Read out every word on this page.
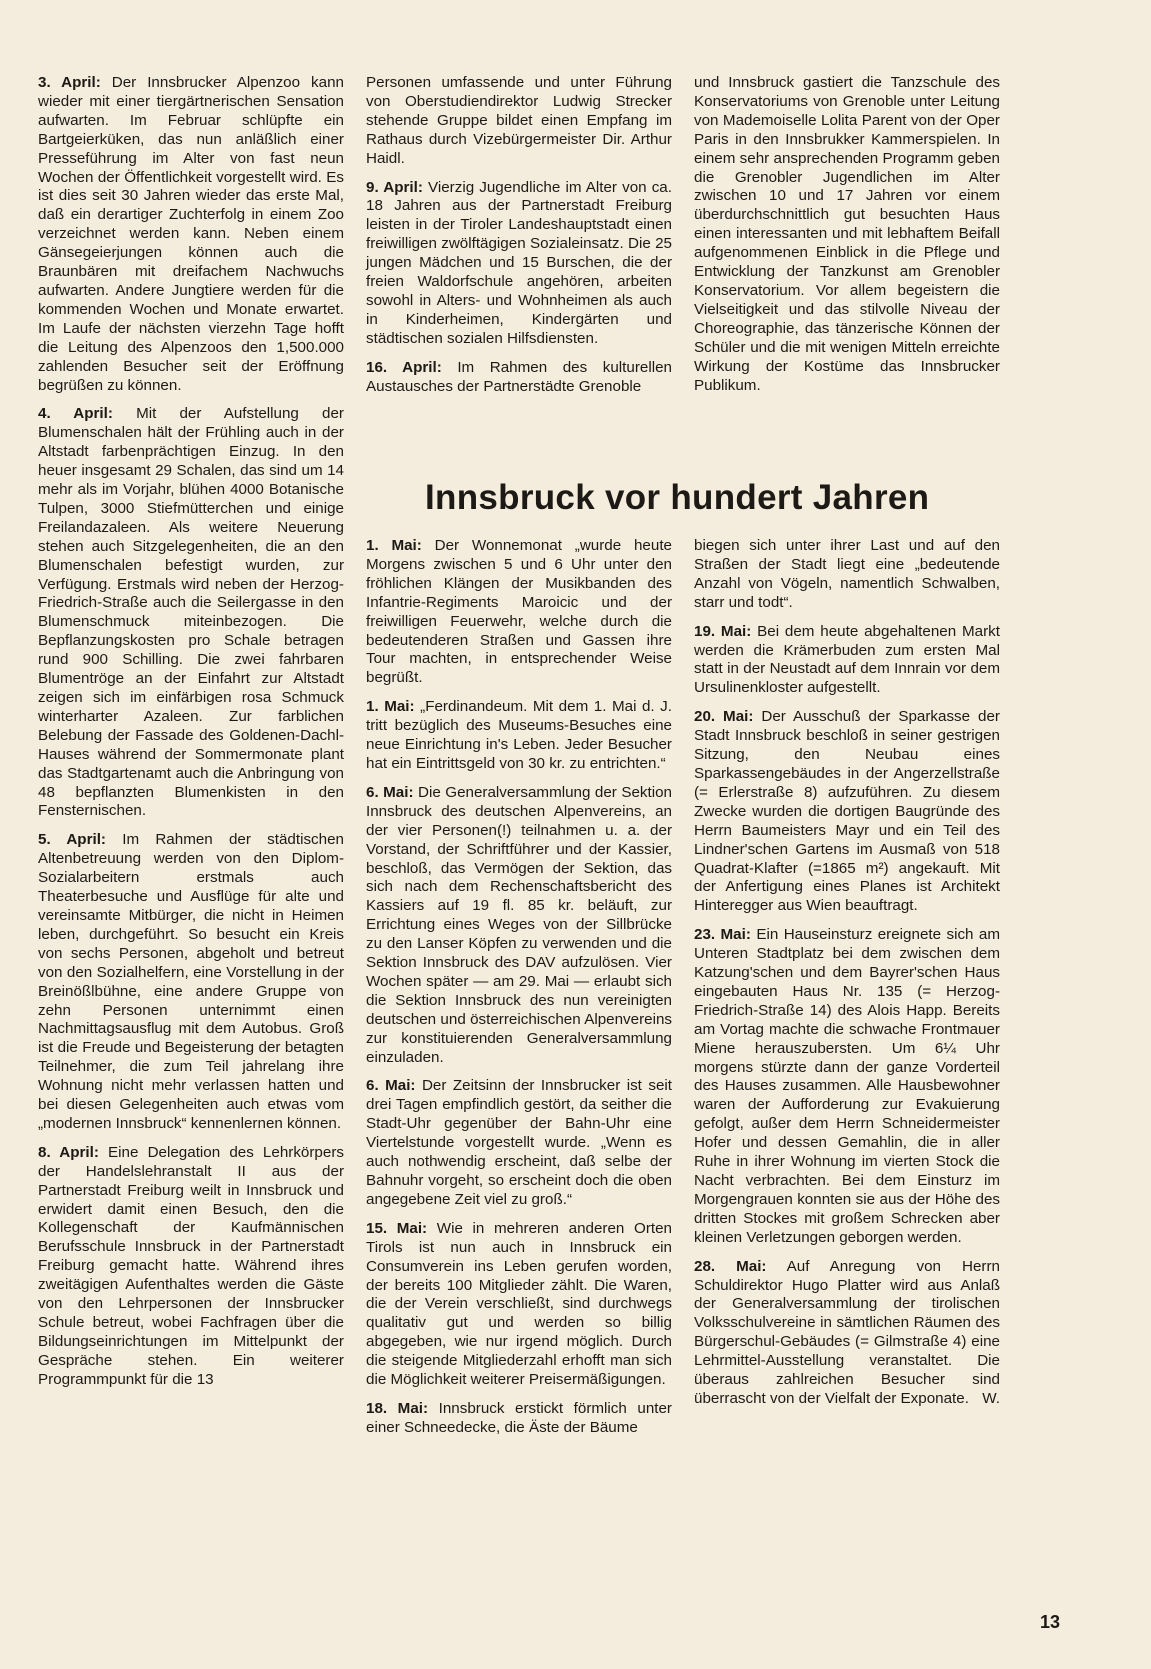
3. April: Der Innsbrucker Alpenzoo kann wieder mit einer tiergärtnerischen Sensation aufwarten. Im Februar schlüpfte ein Bartgeierküken, das nun anläßlich einer Presseführung im Alter von fast neun Wochen der Öffentlichkeit vorgestellt wird. Es ist dies seit 30 Jahren wieder das erste Mal, daß ein derartiger Zuchterfolg in einem Zoo verzeichnet werden kann. Neben einem Gänsegeierjungen können auch die Braunbären mit dreifachem Nachwuchs aufwarten. Andere Jungtiere werden für die kommenden Wochen und Monate erwartet. Im Laufe der nächsten vierzehn Tage hofft die Leitung des Alpenzoos den 1,500.000 zahlenden Besucher seit der Eröffnung begrüßen zu können.

4. April: Mit der Aufstellung der Blumenschalen hält der Frühling auch in der Altstadt farbenprächtigen Einzug. In den heuer insgesamt 29 Schalen, das sind um 14 mehr als im Vorjahr, blühen 4000 Botanische Tulpen, 3000 Stiefmütterchen und einige Freilandazaleen. Als weitere Neuerung stehen auch Sitzgelegenheiten, die an den Blumenschalen befestigt wurden, zur Verfügung. Erstmals wird neben der Herzog-Friedrich-Straße auch die Seilergasse in den Blumenschmuck miteinbezogen. Die Bepflanzungskosten pro Schale betragen rund 900 Schilling. Die zwei fahrbaren Blumentröge an der Einfahrt zur Altstadt zeigen sich im einfärbigen rosa Schmuck winterharter Azaleen. Zur farblichen Belebung der Fassade des Goldenen-Dachl-Hauses während der Sommermonate plant das Stadtgartenamt auch die Anbringung von 48 bepflanzten Blumenkisten in den Fensternischen.

5. April: Im Rahmen der städtischen Altenbetreuung werden von den Diplom-Sozialarbeitern erstmals auch Theaterbesuche und Ausflüge für alte und vereinsamte Mitbürger, die nicht in Heimen leben, durchgeführt. So besucht ein Kreis von sechs Personen, abgeholt und betreut von den Sozialhelfern, eine Vorstellung in der Breinößlbühne, eine andere Gruppe von zehn Personen unternimmt einen Nachmittagsausflug mit dem Autobus. Groß ist die Freude und Begeisterung der betagten Teilnehmer, die zum Teil jahrelang ihre Wohnung nicht mehr verlassen hatten und bei diesen Gelegenheiten auch etwas vom „modernen Innsbruck“ kennenlernen können.

8. April: Eine Delegation des Lehrkörpers der Handelslehranstalt II aus der Partnerstadt Freiburg weilt in Innsbruck und erwidert damit einen Besuch, den die Kollegenschaft der Kaufmännischen Berufsschule Innsbruck in der Partnerstadt Freiburg gemacht hatte. Während ihres zweitägigen Aufenthaltes werden die Gäste von den Lehrpersonen der Innsbrucker Schule betreut, wobei Fachfragen über die Bildungseinrichtungen im Mittelpunkt der Gespräche stehen. Ein weiterer Programmpunkt für die 13

Personen umfassende und unter Führung von Oberstudiendirektor Ludwig Strecker stehende Gruppe bildet einen Empfang im Rathaus durch Vizebürgermeister Dir. Arthur Haidl.

9. April: Vierzig Jugendliche im Alter von ca. 18 Jahren aus der Partnerstadt Freiburg leisten in der Tiroler Landeshauptstadt einen freiwilligen zwölftägigen Sozialeinsatz. Die 25 jungen Mädchen und 15 Burschen, die der freien Waldorfschule angehören, arbeiten sowohl in Alters- und Wohnheimen als auch in Kinderheimen, Kindergärten und städtischen sozialen Hilfsdiensten.

16. April: Im Rahmen des kulturellen Austausches der Partnerstädte Grenoble

und Innsbruck gastiert die Tanzschule des Konservatoriums von Grenoble unter Leitung von Mademoiselle Lolita Parent von der Oper Paris in den Innsbrukker Kammerspielen. In einem sehr ansprechenden Programm geben die Grenobler Jugendlichen im Alter zwischen 10 und 17 Jahren vor einem überdurchschnittlich gut besuchten Haus einen interessanten und mit lebhaftem Beifall aufgenommenen Einblick in die Pflege und Entwicklung der Tanzkunst am Grenobler Konservatorium. Vor allem begeistern die Vielseitigkeit und das stilvolle Niveau der Choreographie, das tänzerische Können der Schüler und die mit wenigen Mitteln erreichte Wirkung der Kostüme das Innsbrucker Publikum.

Innsbruck vor hundert Jahren

1. Mai: Der Wonnemonat „wurde heute Morgens zwischen 5 und 6 Uhr unter den fröhlichen Klängen der Musikbanden des Infantrie-Regiments Maroicic und der freiwilligen Feuerwehr, welche durch die bedeutenderen Straßen und Gassen ihre Tour machten, in entsprechender Weise begrüßt.

1. Mai: „Ferdinandeum. Mit dem 1. Mai d. J. tritt bezüglich des Museums-Besuches eine neue Einrichtung in's Leben. Jeder Besucher hat ein Eintrittsgeld von 30 kr. zu entrichten.“

6. Mai: Die Generalversammlung der Sektion Innsbruck des deutschen Alpenvereins, an der vier Personen(!) teilnahmen u. a. der Vorstand, der Schriftführer und der Kassier, beschloß, das Vermögen der Sektion, das sich nach dem Rechenschaftsbericht des Kassiers auf 19 fl. 85 kr. beläuft, zur Errichtung eines Weges von der Sillbrücke zu den Lanser Köpfen zu verwenden und die Sektion Innsbruck des DAV aufzulösen. Vier Wochen später — am 29. Mai — erlaubt sich die Sektion Innsbruck des nun vereinigten deutschen und österreichischen Alpenvereins zur konstituierenden Generalversammlung einzuladen.

6. Mai: Der Zeitsinn der Innsbrucker ist seit drei Tagen empfindlich gestört, da seither die Stadt-Uhr gegenüber der Bahn-Uhr eine Viertelstunde vorgestellt wurde. „Wenn es auch nothwendig erscheint, daß selbe der Bahnuhr vorgeht, so erscheint doch die oben angegebene Zeit viel zu groß.“

15. Mai: Wie in mehreren anderen Orten Tirols ist nun auch in Innsbruck ein Consumverein ins Leben gerufen worden, der bereits 100 Mitglieder zählt. Die Waren, die der Verein verschließt, sind durchwegs qualitativ gut und werden so billig abgegeben, wie nur irgend möglich. Durch die steigende Mitgliederzahl erhofft man sich die Möglichkeit weiterer Preisermäßigungen.

18. Mai: Innsbruck erstickt förmlich unter einer Schneedecke, die Äste der Bäume

biegen sich unter ihrer Last und auf den Straßen der Stadt liegt eine „bedeutende Anzahl von Vögeln, namentlich Schwalben, starr und todt“.

19. Mai: Bei dem heute abgehaltenen Markt werden die Krämerbuden zum ersten Mal statt in der Neustadt auf dem Innrain vor dem Ursulinenkloster aufgestellt.

20. Mai: Der Ausschuß der Sparkasse der Stadt Innsbruck beschloß in seiner gestrigen Sitzung, den Neubau eines Sparkassengebäudes in der Angerzellstraße (= Erlerstraße 8) aufzuführen. Zu diesem Zwecke wurden die dortigen Baugründe des Herrn Baumeisters Mayr und ein Teil des Lindner'schen Gartens im Ausmaß von 518 Quadrat-Klafter (=1865 m²) angekauft. Mit der Anfertigung eines Planes ist Architekt Hinteregger aus Wien beauftragt.

23. Mai: Ein Hauseinsturz ereignete sich am Unteren Stadtplatz bei dem zwischen dem Katzung'schen und dem Bayrer'schen Haus eingebauten Haus Nr. 135 (= Herzog-Friedrich-Straße 14) des Alois Happ. Bereits am Vortag machte die schwache Frontmauer Miene herauszubersten. Um 6¼ Uhr morgens stürzte dann der ganze Vorderteil des Hauses zusammen. Alle Hausbewohner waren der Aufforderung zur Evakuierung gefolgt, außer dem Herrn Schneidermeister Hofer und dessen Gemahlin, die in aller Ruhe in ihrer Wohnung im vierten Stock die Nacht verbrachten. Bei dem Einsturz im Morgengrauen konnten sie aus der Höhe des dritten Stockes mit großem Schrecken aber kleinen Verletzungen geborgen werden.

28. Mai: Auf Anregung von Herrn Schuldirektor Hugo Platter wird aus Anlaß der Generalversammlung der tirolischen Volksschulvereine in sämtlichen Räumen des Bürgerschul-Gebäudes (= Gilmstraße 4) eine Lehrmittel-Ausstellung veranstaltet. Die überaus zahlreichen Besucher sind überrascht von der Vielfalt der Exponate. W.

13
